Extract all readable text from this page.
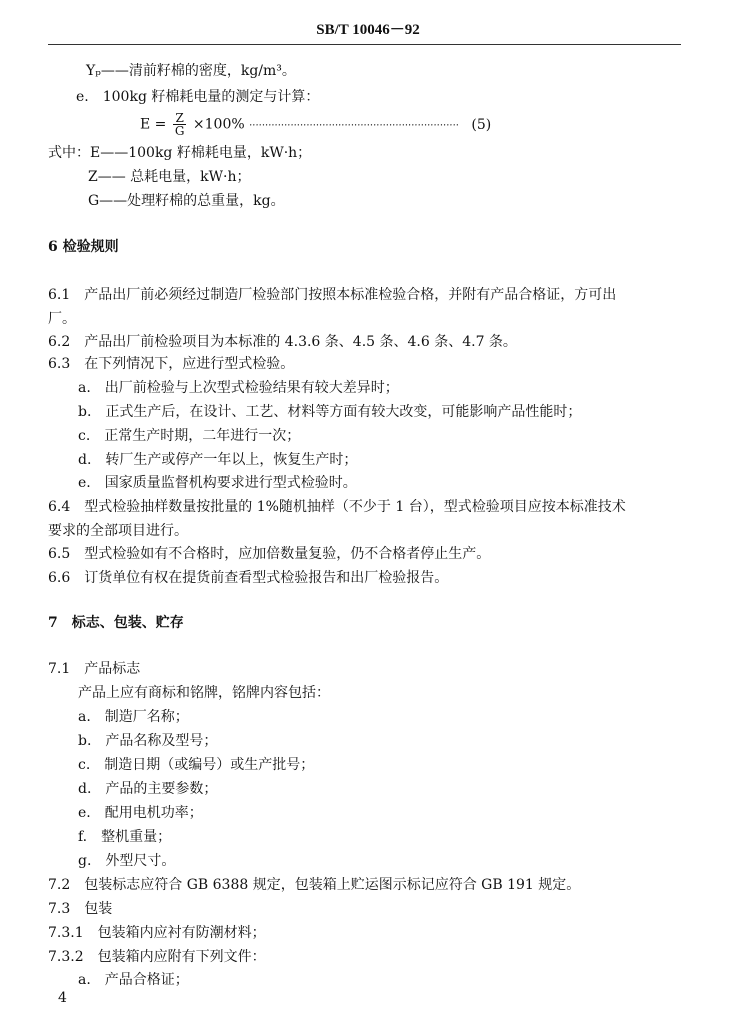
SB/T 10046－92
Yₚ——清前籽棉的密度，kg/m³。
e.　100kg 籽棉耗电量的测定与计算：
$E = \frac{Z}{G} \times 100\%$ ·································································· (5)
式中：E——100kg 籽棉耗电量，kW·h；
Z—— 总耗电量，kW·h；
G——处理籽棉的总重量，kg。
6 检验规则
6.1　产品出厂前必须经过制造厂检验部门按照本标准检验合格，并附有产品合格证，方可出
厂。
6.2　产品出厂前检验项目为本标准的 4.3.6 条、4.5 条、4.6 条、4.7 条。
6.3　在下列情况下，应进行型式检验。
a.　出厂前检验与上次型式检验结果有较大差异时；
b.　正式生产后，在设计、工艺、材料等方面有较大改变，可能影响产品性能时；
c.　正常生产时期，二年进行一次；
d.　转厂生产或停产一年以上，恢复生产时；
e.　国家质量监督机构要求进行型式检验时。
6.4　型式检验抽样数量按批量的 1%随机抽样（不少于 1 台），型式检验项目应按本标准技术
要求的全部项目进行。
6.5　型式检验如有不合格时，应加倍数量复验，仍不合格者停止生产。
6.6　订货单位有权在提货前查看型式检验报告和出厂检验报告。
7　标志、包装、贮存
7.1　产品标志
产品上应有商标和铭牌，铭牌内容包括：
a.　制造厂名称；
b.　产品名称及型号；
c.　制造日期（或编号）或生产批号；
d.　产品的主要参数；
e.　配用电机功率；
f.　整机重量；
g.　外型尺寸。
7.2　包装标志应符合 GB 6388 规定，包装箱上贮运图示标记应符合 GB 191 规定。
7.3　包装
7.3.1　包装箱内应衬有防潮材料；
7.3.2　包装箱内应附有下列文件：
a.　产品合格证；
4
